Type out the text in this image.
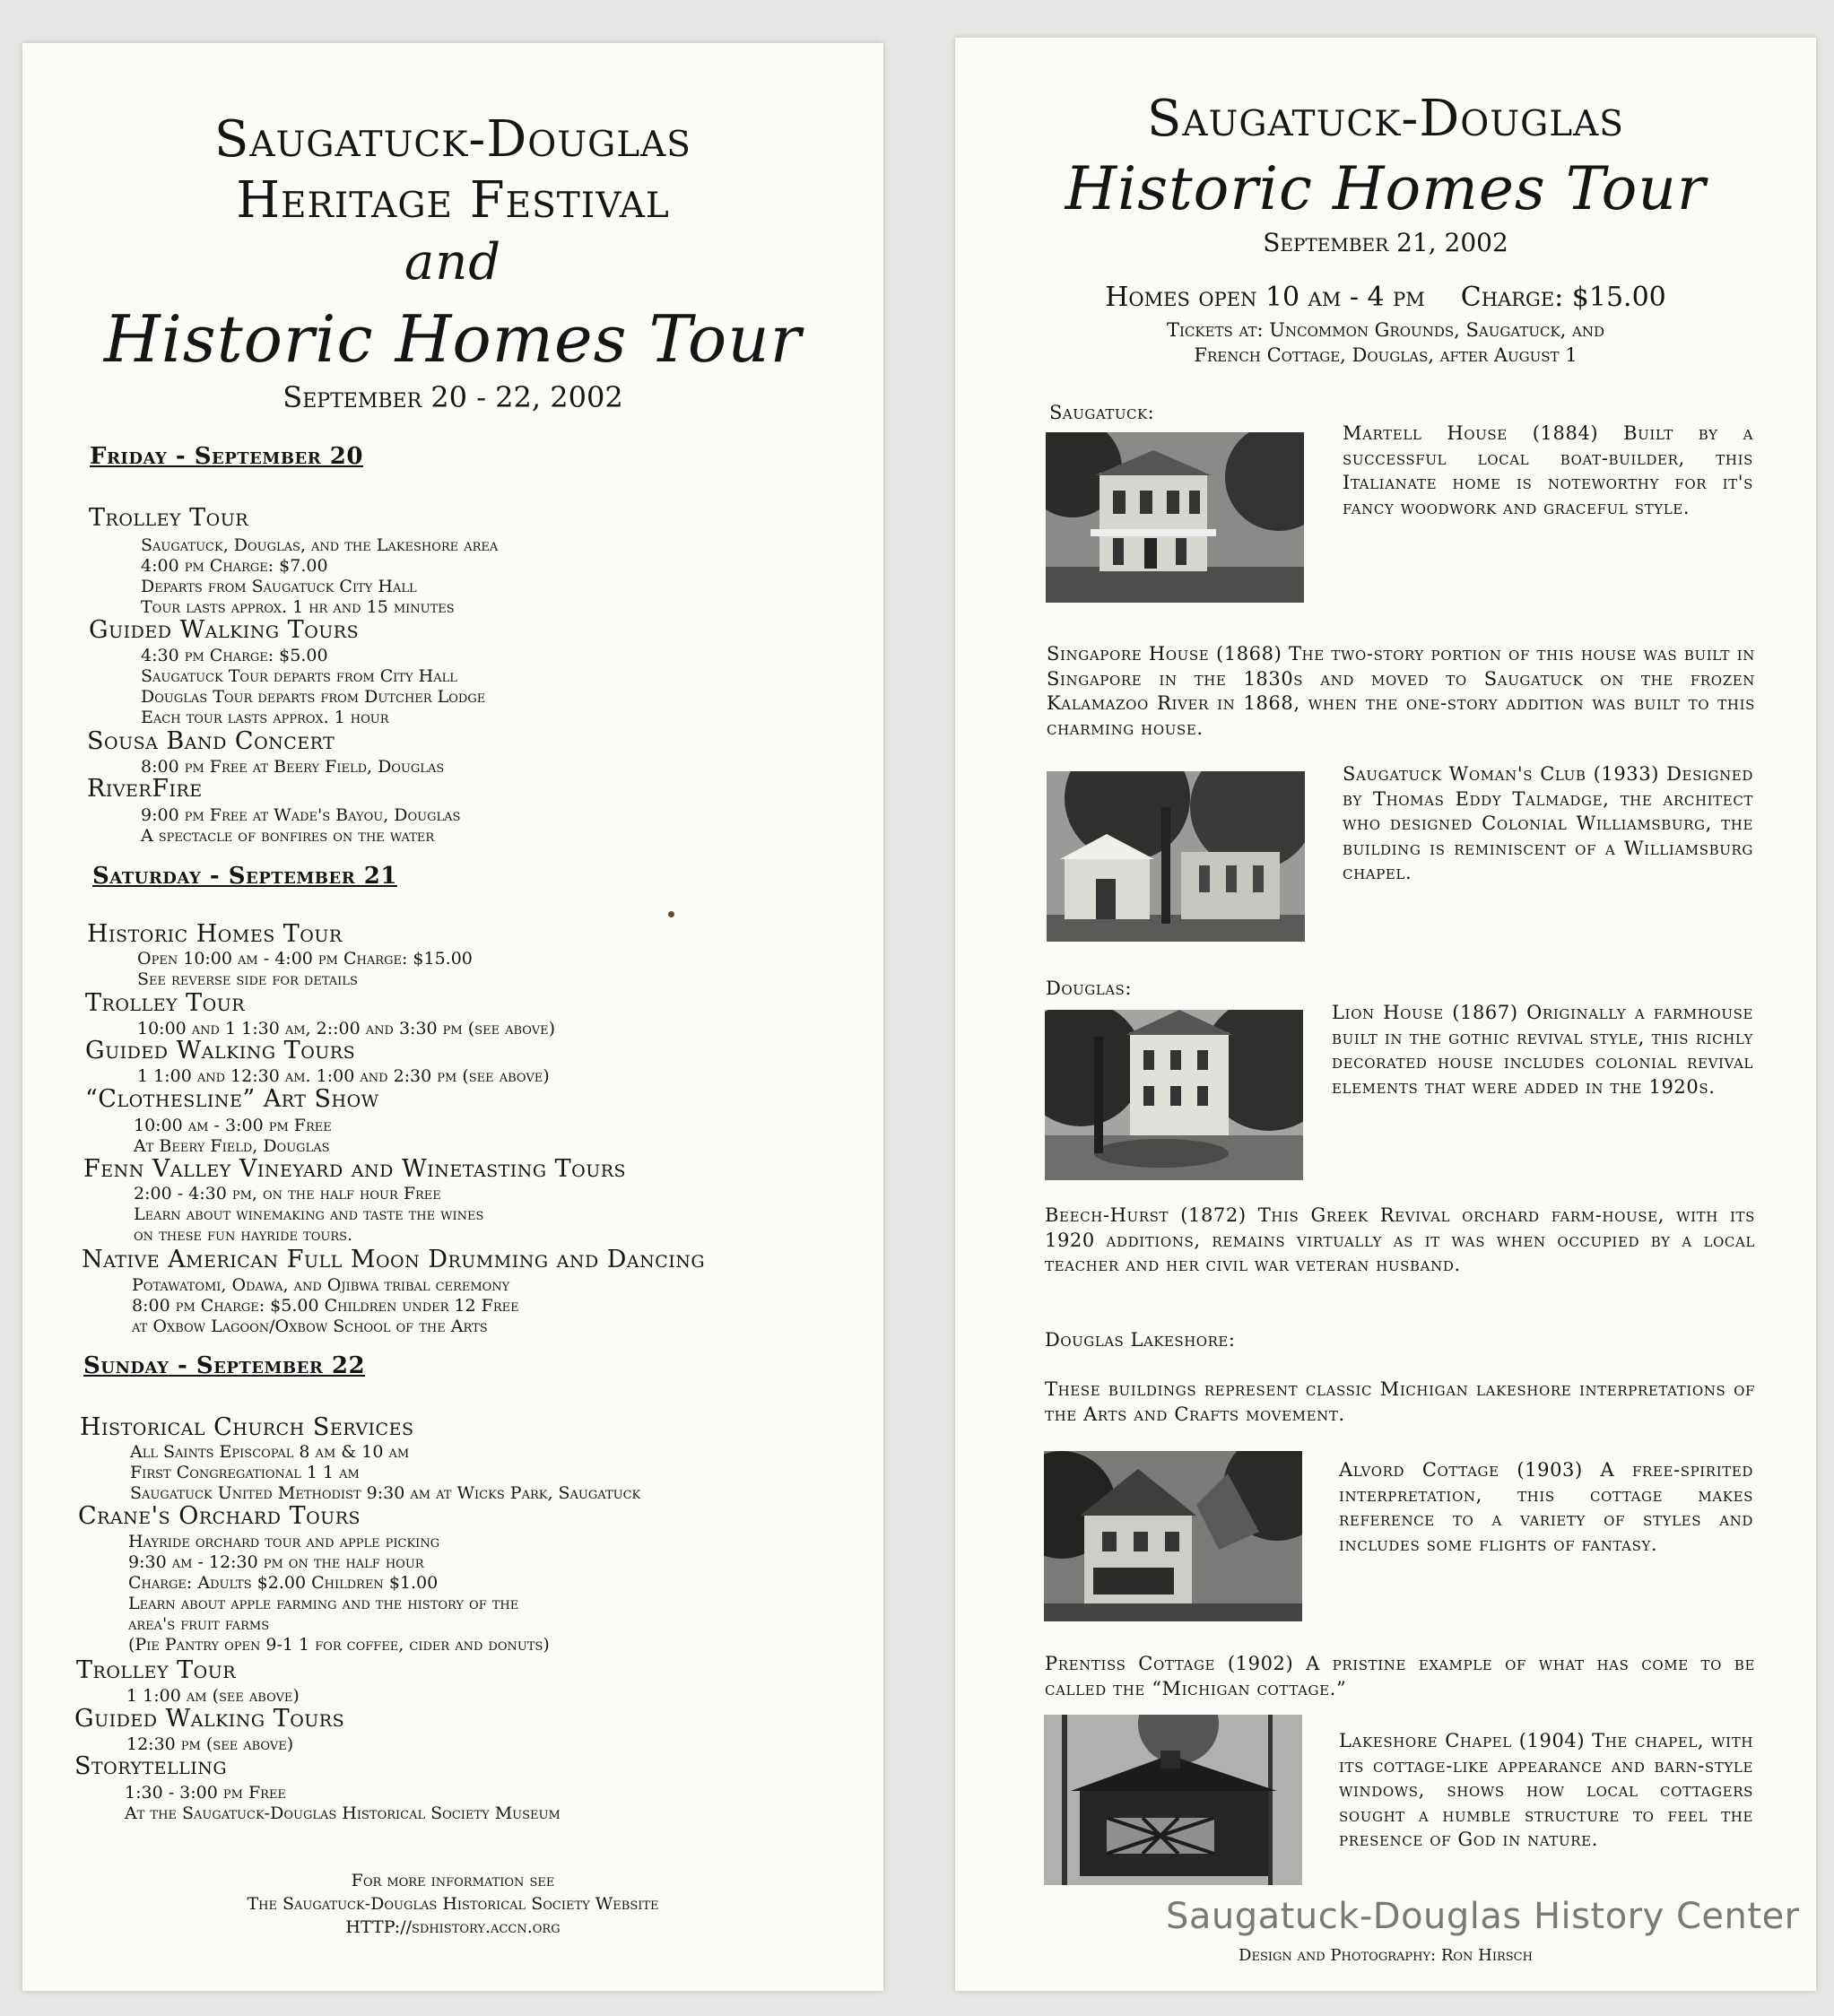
Saugatuck-Douglas
Heritage Festival
and
Historic Homes Tour
September 20 - 22, 2002
Friday - September 20
Trolley Tour
Saugatuck, Douglas, and the Lakeshore area
4:00 pm Charge: $7.00
Departs from Saugatuck City Hall
Tour lasts approx. 1 hr and 15 minutes
Guided Walking Tours
4:30 pm Charge: $5.00
Saugatuck Tour departs from City Hall
Douglas Tour departs from Dutcher Lodge
Each tour lasts approx. 1 hour
Sousa Band Concert
8:00 pm Free at Beery Field, Douglas
RiverFire
9:00 pm Free at Wade's Bayou, Douglas
A spectacle of bonfires on the water
Saturday - September 21
Historic Homes Tour
Open 10:00 am - 4:00 pm Charge: $15.00
See reverse side for details
Trolley Tour
10:00 and 1 1:30 am, 2::00 and 3:30 pm (see above)
Guided Walking Tours
1 1:00 and 12:30 am. 1:00 and 2:30 pm (see above)
“Clothesline” Art Show
10:00 am - 3:00 pm Free
At Beery Field, Douglas
Fenn Valley Vineyard and Winetasting Tours
2:00 - 4:30 pm, on the half hour Free
Learn about winemaking and taste the wines
on these fun hayride tours.
Native American Full Moon Drumming and Dancing
Potawatomi, Odawa, and Ojibwa tribal ceremony
8:00 pm Charge: $5.00 Children under 12 Free
at Oxbow Lagoon/Oxbow School of the Arts
Sunday - September 22
Historical Church Services
All Saints Episcopal 8 am & 10 am
First Congregational 1 1 am
Saugatuck United Methodist 9:30 am at Wicks Park, Saugatuck
Crane's Orchard Tours
Hayride orchard tour and apple picking
9:30 am - 12:30 pm on the half hour
Charge: Adults $2.00 Children $1.00
Learn about apple farming and the history of the
area's fruit farms
(Pie Pantry open 9-1 1 for coffee, cider and donuts)
Trolley Tour
1 1:00 am (see above)
Guided Walking Tours
12:30 pm (see above)
Storytelling
1:30 - 3:00 pm Free
At the Saugatuck-Douglas Historical Society Museum
For more information see
The Saugatuck-Douglas Historical Society Website
HTTP://sdhistory.accn.org
Saugatuck-Douglas
Historic Homes Tour
September 21, 2002
Homes open 10 am - 4 pm Charge: $15.00
Tickets at: Uncommon Grounds, Saugatuck, and
French Cottage, Douglas, after August 1
Saugatuck:
Martell House (1884) Built by a successful local boat-builder, this Italianate home is noteworthy for it's fancy woodwork and graceful style.
Singapore House (1868) The two-story portion of this house was built in Singapore in the 1830s and moved to Saugatuck on the frozen Kalamazoo River in 1868, when the one-story addition was built to this charming house.
Saugatuck Woman's Club (1933) Designed by Thomas Eddy Talmadge, the architect who designed Colonial Williamsburg, the building is reminiscent of a Williamsburg chapel.
Douglas:
Lion House (1867) Originally a farmhouse built in the gothic revival style, this richly decorated house includes colonial revival elements that were added in the 1920s.
Beech-Hurst (1872) This Greek Revival orchard farm-house, with its 1920 additions, remains virtually as it was when occupied by a local teacher and her civil war veteran husband.
Douglas Lakeshore:
These buildings represent classic Michigan lakeshore interpretations of the Arts and Crafts movement.
Alvord Cottage (1903) A free-spirited interpretation, this cottage makes reference to a variety of styles and includes some flights of fantasy.
Prentiss Cottage (1902) A pristine example of what has come to be called the “Michigan cottage.”
Lakeshore Chapel (1904) The chapel, with its cottage-like appearance and barn-style windows, shows how local cottagers sought a humble structure to feel the presence of God in nature.
Design and Photography: Ron Hirsch
Saugatuck-Douglas History Center
